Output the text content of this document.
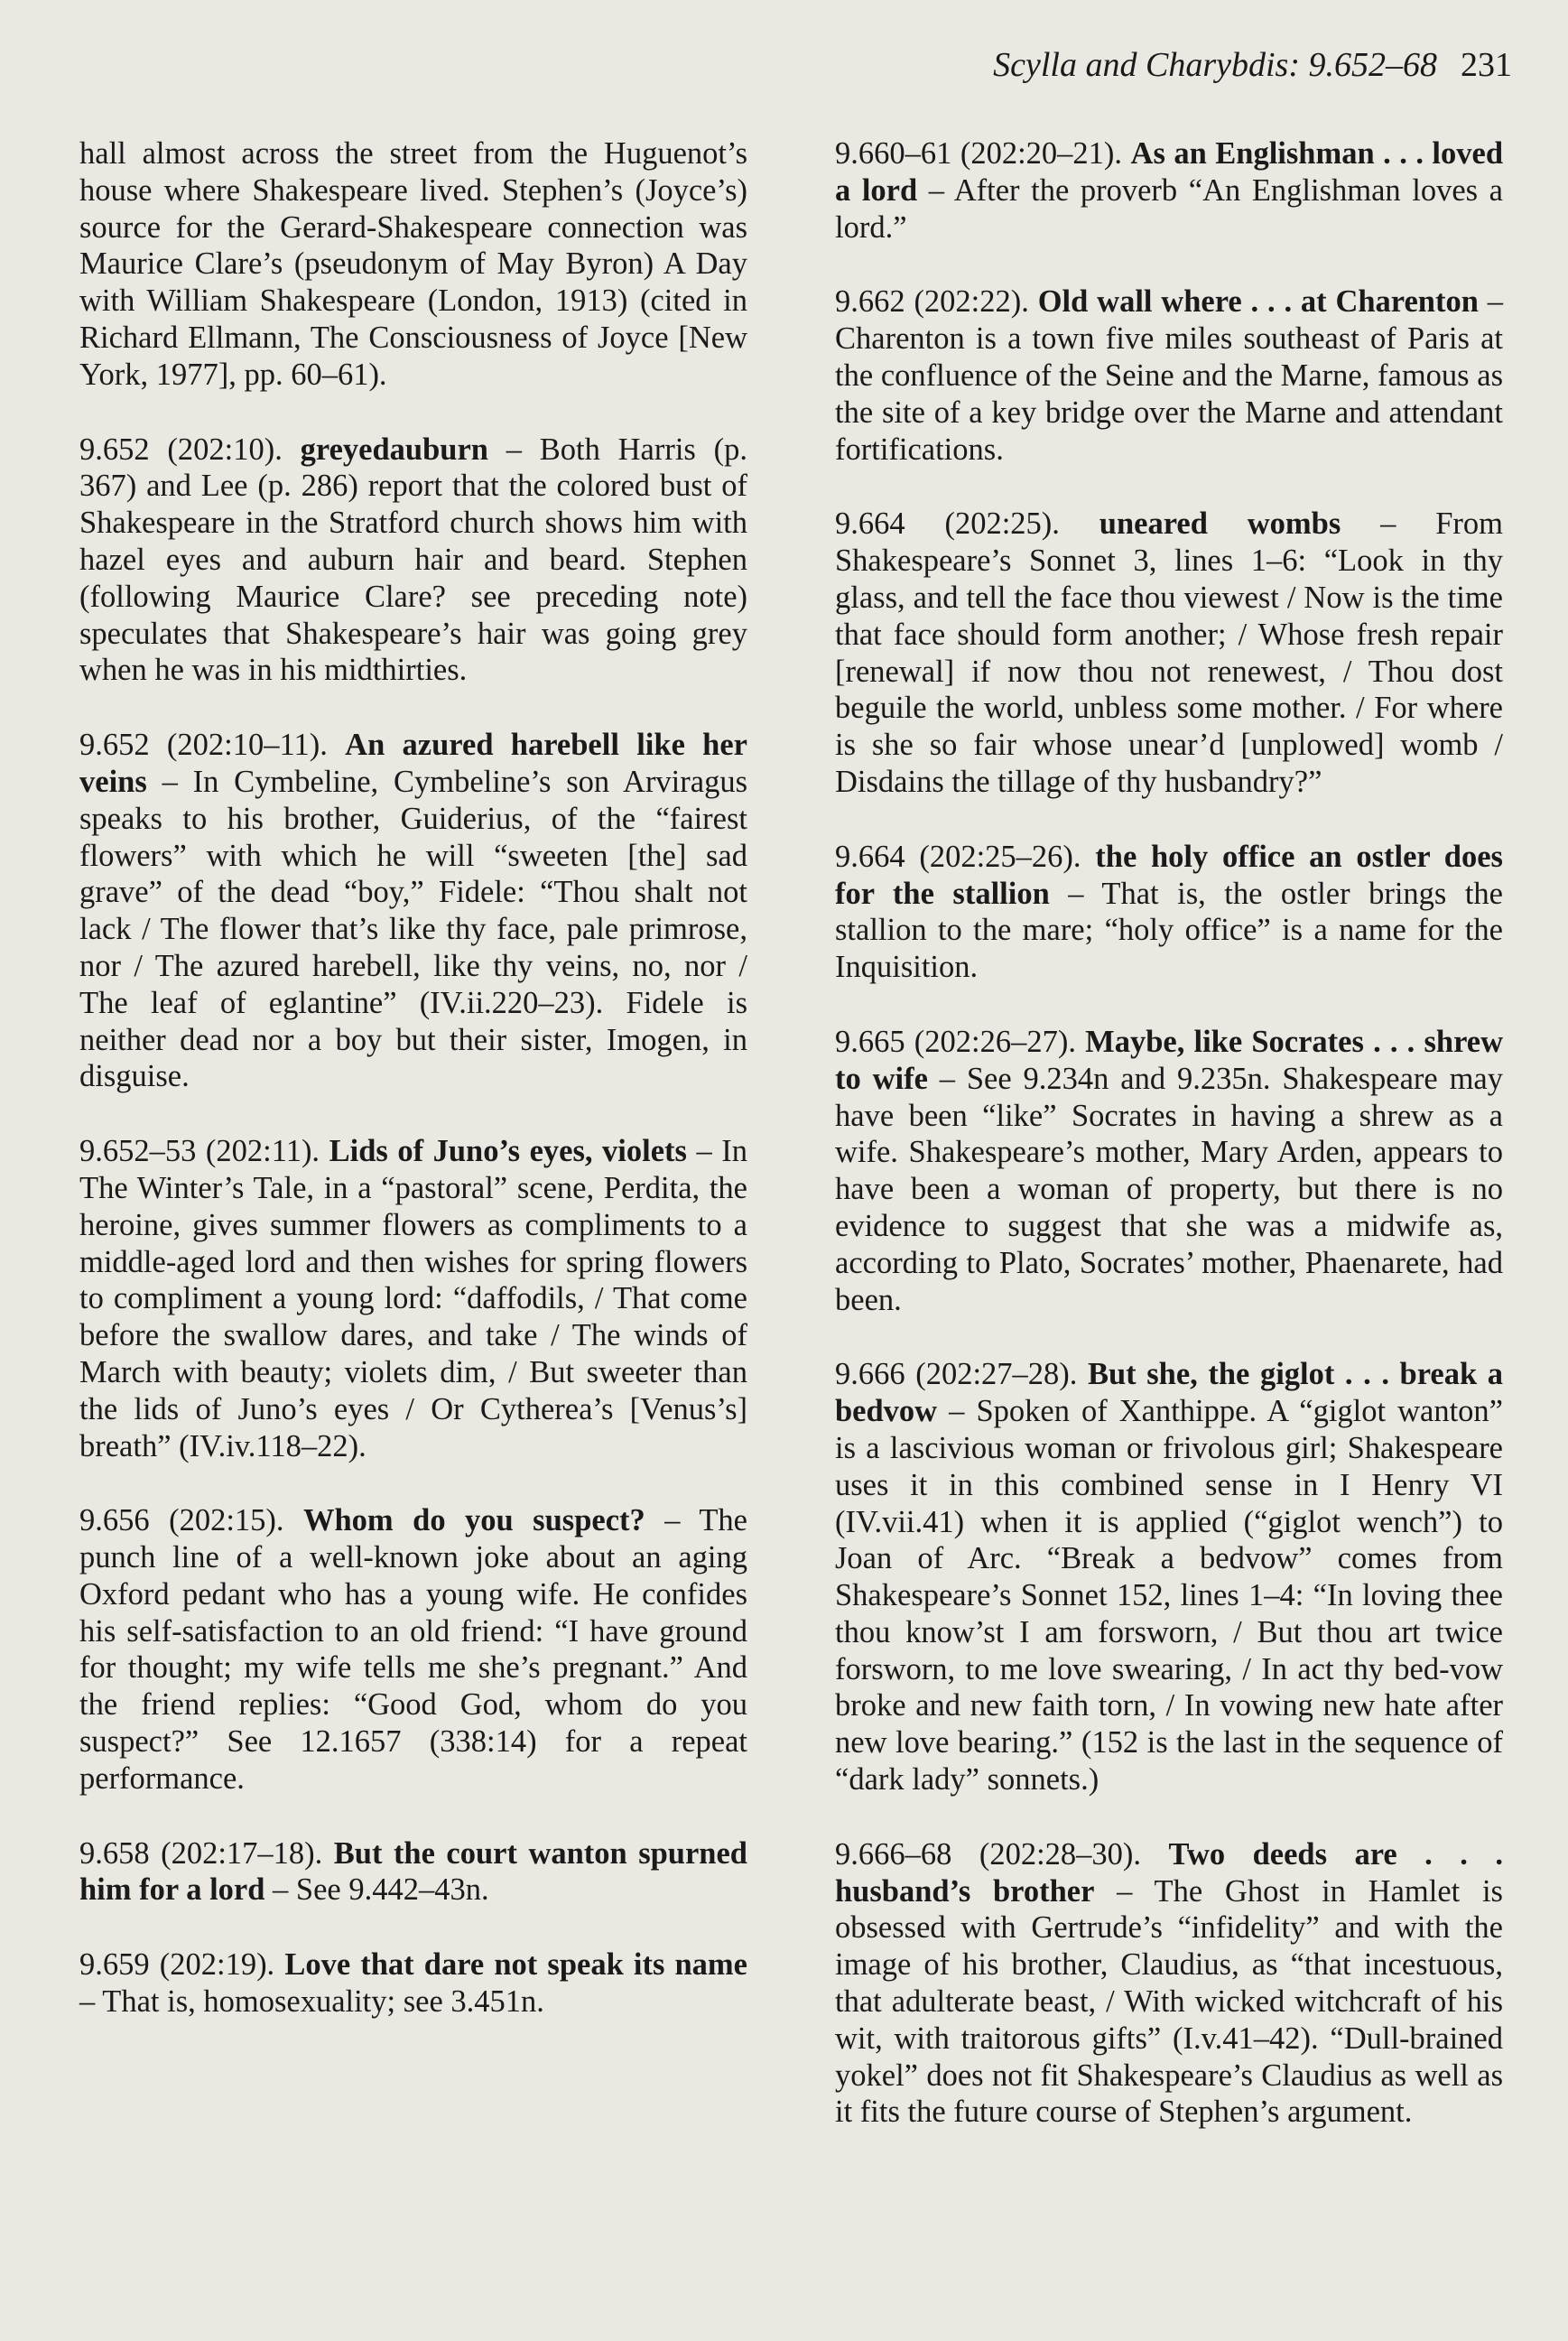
Scylla and Charybdis: 9.652–68 231

hall almost across the street from the Huguenot’s house where Shakespeare lived. Stephen’s (Joyce’s) source for the Gerard-Shakespeare connection was Maurice Clare’s (pseudonym of May Byron) A Day with William Shakespeare (London, 1913) (cited in Richard Ellmann, The Consciousness of Joyce [New York, 1977], pp. 60–61).

9.652 (202:10). greyedauburn – Both Harris (p. 367) and Lee (p. 286) report that the colored bust of Shakespeare in the Stratford church shows him with hazel eyes and auburn hair and beard. Stephen (following Maurice Clare? see preceding note) speculates that Shakespeare’s hair was going grey when he was in his midthirties.

9.652 (202:10–11). An azured harebell like her veins – In Cymbeline, Cymbeline’s son Arviragus speaks to his brother, Guiderius, of the “fairest flowers” with which he will “sweeten [the] sad grave” of the dead “boy,” Fidele: “Thou shalt not lack / The flower that’s like thy face, pale primrose, nor / The azured harebell, like thy veins, no, nor / The leaf of eglantine” (IV.ii.220–23). Fidele is neither dead nor a boy but their sister, Imogen, in disguise.

9.652–53 (202:11). Lids of Juno’s eyes, violets – In The Winter’s Tale, in a “pastoral” scene, Perdita, the heroine, gives summer flowers as compliments to a middle-aged lord and then wishes for spring flowers to compliment a young lord: “daffodils, / That come before the swallow dares, and take / The winds of March with beauty; violets dim, / But sweeter than the lids of Juno’s eyes / Or Cytherea’s [Venus’s] breath” (IV.iv.118–22).

9.656 (202:15). Whom do you suspect? – The punch line of a well-known joke about an aging Oxford pedant who has a young wife. He confides his self-satisfaction to an old friend: “I have ground for thought; my wife tells me she’s pregnant.” And the friend replies: “Good God, whom do you suspect?” See 12.1657 (338:14) for a repeat performance.

9.658 (202:17–18). But the court wanton spurned him for a lord – See 9.442–43n.

9.659 (202:19). Love that dare not speak its name – That is, homosexuality; see 3.451n.

9.660–61 (202:20–21). As an Englishman . . . loved a lord – After the proverb “An Englishman loves a lord.”

9.662 (202:22). Old wall where . . . at Charenton – Charenton is a town five miles southeast of Paris at the confluence of the Seine and the Marne, famous as the site of a key bridge over the Marne and attendant fortifications.

9.664 (202:25). uneared wombs – From Shakespeare’s Sonnet 3, lines 1–6: “Look in thy glass, and tell the face thou viewest / Now is the time that face should form another; / Whose fresh repair [renewal] if now thou not renewest, / Thou dost beguile the world, unbless some mother. / For where is she so fair whose unear’d [unplowed] womb / Disdains the tillage of thy husbandry?”

9.664 (202:25–26). the holy office an ostler does for the stallion – That is, the ostler brings the stallion to the mare; “holy office” is a name for the Inquisition.

9.665 (202:26–27). Maybe, like Socrates . . . shrew to wife – See 9.234n and 9.235n. Shakespeare may have been “like” Socrates in having a shrew as a wife. Shakespeare’s mother, Mary Arden, appears to have been a woman of property, but there is no evidence to suggest that she was a midwife as, according to Plato, Socrates’ mother, Phaenarete, had been.

9.666 (202:27–28). But she, the giglot . . . break a bedvow – Spoken of Xanthippe. A “giglot wanton” is a lascivious woman or frivolous girl; Shakespeare uses it in this combined sense in I Henry VI (IV.vii.41) when it is applied (“giglot wench”) to Joan of Arc. “Break a bedvow” comes from Shakespeare’s Sonnet 152, lines 1–4: “In loving thee thou know’st I am forsworn, / But thou art twice forsworn, to me love swearing, / In act thy bed-vow broke and new faith torn, / In vowing new hate after new love bearing.” (152 is the last in the sequence of “dark lady” sonnets.)

9.666–68 (202:28–30). Two deeds are . . . husband’s brother – The Ghost in Hamlet is obsessed with Gertrude’s “infidelity” and with the image of his brother, Claudius, as “that incestuous, that adulterate beast, / With wicked witchcraft of his wit, with traitorous gifts” (I.v.41–42). “Dull-brained yokel” does not fit Shakespeare’s Claudius as well as it fits the future course of Stephen’s argument.
